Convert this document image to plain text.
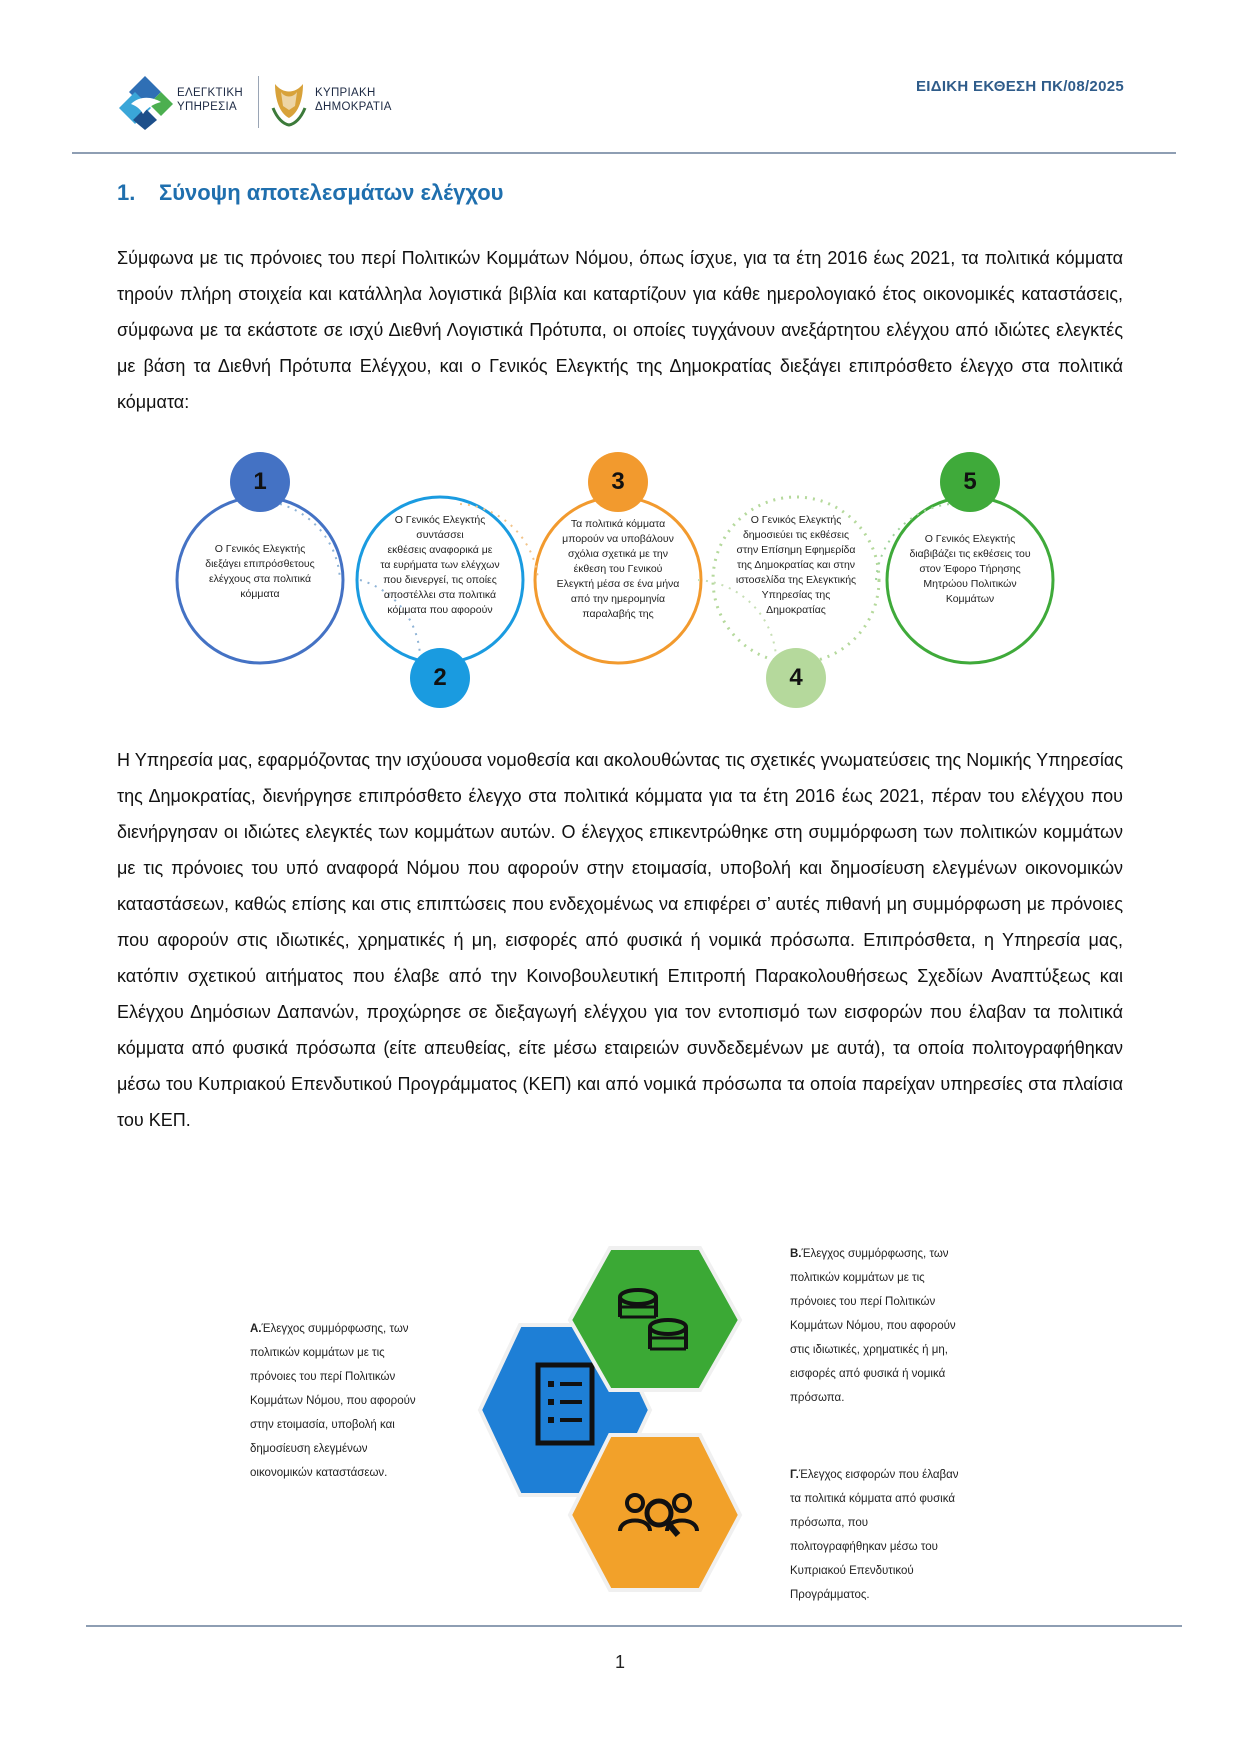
ΕΛΕΓΚΤΙΚΗ
ΥΠΗΡΕΣΙΑ
ΚΥΠΡΙΑΚΗ
ΔΗΜΟΚΡΑΤΙΑ
ΕΙΔΙΚΗ ΕΚΘΕΣΗ ΠΚ/08/2025
1. Σύνοψη αποτελεσμάτων ελέγχου
Σύμφωνα με τις πρόνοιες του περί Πολιτικών Κομμάτων Νόμου, όπως ίσχυε, για τα έτη 2016 έως 2021, τα πολιτικά κόμματα τηρούν πλήρη στοιχεία και κατάλληλα λογιστικά βιβλία και καταρτίζουν για κάθε ημερολογιακό έτος οικονομικές καταστάσεις, σύμφωνα με τα εκάστοτε σε ισχύ Διεθνή Λογιστικά Πρότυπα, οι οποίες τυγχάνουν ανεξάρτητου ελέγχου από ιδιώτες ελεγκτές με βάση τα Διεθνή Πρότυπα Ελέγχου, και ο Γενικός Ελεγκτής της Δημοκρατίας διεξάγει επιπρόσθετο έλεγχο στα πολιτικά κόμματα:
1
2
3
4
5
Ο Γενικός Ελεγκτής
διεξάγει επιπρόσθετους
ελέγχους στα πολιτικά
κόμματα
Ο Γενικός Ελεγκτής
συντάσσει
εκθέσεις αναφορικά με
τα ευρήματα των ελέγχων
που διενεργεί, τις οποίες
αποστέλλει στα πολιτικά
κόμματα που αφορούν
Τα πολιτικά κόμματα
μπορούν να υποβάλουν
σχόλια σχετικά με την
έκθεση του Γενικού
Ελεγκτή μέσα σε ένα μήνα
από την ημερομηνία
παραλαβής της
Ο Γενικός Ελεγκτής
δημοσιεύει τις εκθέσεις
στην Επίσημη Εφημερίδα
της Δημοκρατίας και στην
ιστοσελίδα της Ελεγκτικής
Υπηρεσίας της
Δημοκρατίας
Ο Γενικός Ελεγκτής
διαβιβάζει τις εκθέσεις του
στον Έφορο Τήρησης
Μητρώου Πολιτικών
Κομμάτων
Η Υπηρεσία μας, εφαρμόζοντας την ισχύουσα νομοθεσία και ακολουθώντας τις σχετικές γνωματεύσεις της Νομικής Υπηρεσίας της Δημοκρατίας, διενήργησε επιπρόσθετο έλεγχο στα πολιτικά κόμματα για τα έτη 2016 έως 2021, πέραν του ελέγχου που διενήργησαν οι ιδιώτες ελεγκτές των κομμάτων αυτών. Ο έλεγχος επικεντρώθηκε στη συμμόρφωση των πολιτικών κομμάτων με τις πρόνοιες του υπό αναφορά Νόμου που αφορούν στην ετοιμασία, υποβολή και δημοσίευση ελεγμένων οικονομικών καταστάσεων, καθώς επίσης και στις επιπτώσεις που ενδεχομένως να επιφέρει σ’ αυτές πιθανή μη συμμόρφωση με πρόνοιες που αφορούν στις ιδιωτικές, χρηματικές ή μη, εισφορές από φυσικά ή νομικά πρόσωπα. Επιπρόσθετα, η Υπηρεσία μας, κατόπιν σχετικού αιτήματος που έλαβε από την Κοινοβουλευτική Επιτροπή Παρακολουθήσεως Σχεδίων Αναπτύξεως και Ελέγχου Δημόσιων Δαπανών, προχώρησε σε διεξαγωγή ελέγχου για τον εντοπισμό των εισφορών που έλαβαν τα πολιτικά κόμματα από φυσικά πρόσωπα (είτε απευθείας, είτε μέσω εταιρειών συνδεδεμένων με αυτά), τα οποία πολιτογραφήθηκαν μέσω του Κυπριακού Επενδυτικού Προγράμματος (ΚΕΠ) και από νομικά πρόσωπα τα οποία παρείχαν υπηρεσίες στα πλαίσια του ΚΕΠ.
Α.Έλεγχος συμμόρφωσης, των
πολιτικών κομμάτων με τις
πρόνοιες του περί Πολιτικών
Κομμάτων Νόμου, που αφορούν
στην ετοιμασία, υποβολή και
δημοσίευση ελεγμένων
οικονομικών καταστάσεων.
Β.Έλεγχος συμμόρφωσης, των
πολιτικών κομμάτων με τις
πρόνοιες του περί Πολιτικών
Κομμάτων Νόμου, που αφορούν
στις ιδιωτικές, χρηματικές ή μη,
εισφορές από φυσικά ή νομικά
πρόσωπα.
Γ.Έλεγχος εισφορών που έλαβαν
τα πολιτικά κόμματα από φυσικά
πρόσωπα, που
πολιτογραφήθηκαν μέσω του
Κυπριακού Επενδυτικού
Προγράμματος.
1
